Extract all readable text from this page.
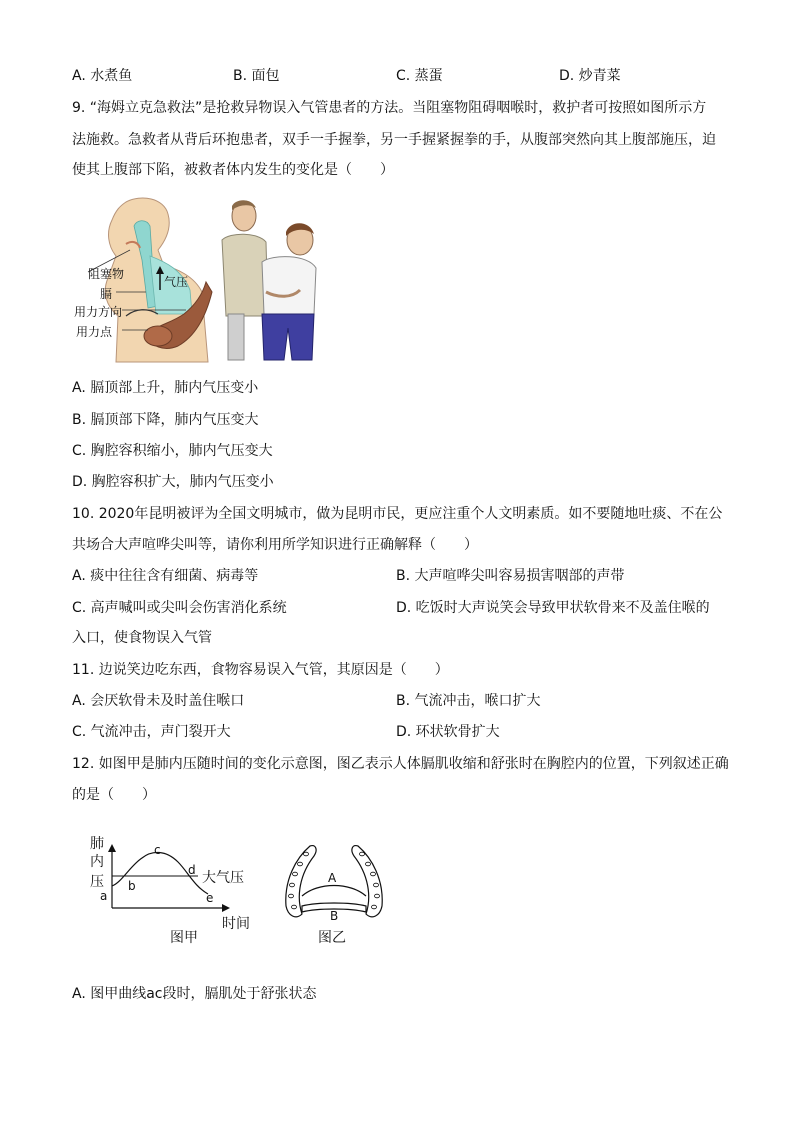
A. 水煮鱼	B. 面包	C. 蒸蛋	D. 炒青菜
9. “海姆立克急救法”是抢救异物误入气管患者的方法。当阻塞物阻碍咽喉时，救护者可按照如图所示方
法施救。急救者从背后环抱患者，双手一手握拳，另一手握紧握拳的手，从腹部突然向其上腹部施压，迫
使其上腹部下陷，被救者体内发生的变化是（　　）
气压
阻塞物
膈
用力方向
用力点
A. 膈顶部上升，肺内气压变小
B. 膈顶部下降，肺内气压变大
C. 胸腔容积缩小，肺内气压变大
D. 胸腔容积扩大，肺内气压变小
10. 2020年昆明被评为全国文明城市，做为昆明市民，更应注重个人文明素质。如不要随地吐痰、不在公
共场合大声喧哗尖叫等，请你利用所学知识进行正确解释（　　）
A. 痰中往往含有细菌、病毒等	B. 大声喧哗尖叫容易损害咽部的声带
C. 高声喊叫或尖叫会伤害消化系统	D. 吃饭时大声说笑会导致甲状软骨来不及盖住喉的
入口，使食物误入气管
11. 边说笑边吃东西，食物容易误入气管，其原因是（　　）
A. 会厌软骨未及时盖住喉口	B. 气流冲击，喉口扩大
C. 气流冲击，声门裂开大	D. 环状软骨扩大
12. 如图甲是肺内压随时间的变化示意图，图乙表示人体膈肌收缩和舒张时在胸腔内的位置，下列叙述正确
的是（　　）
肺
内
压
a
b
c
d
e
大气压
时间
图甲
A
B
图乙
A. 图甲曲线ac段时，膈肌处于舒张状态
